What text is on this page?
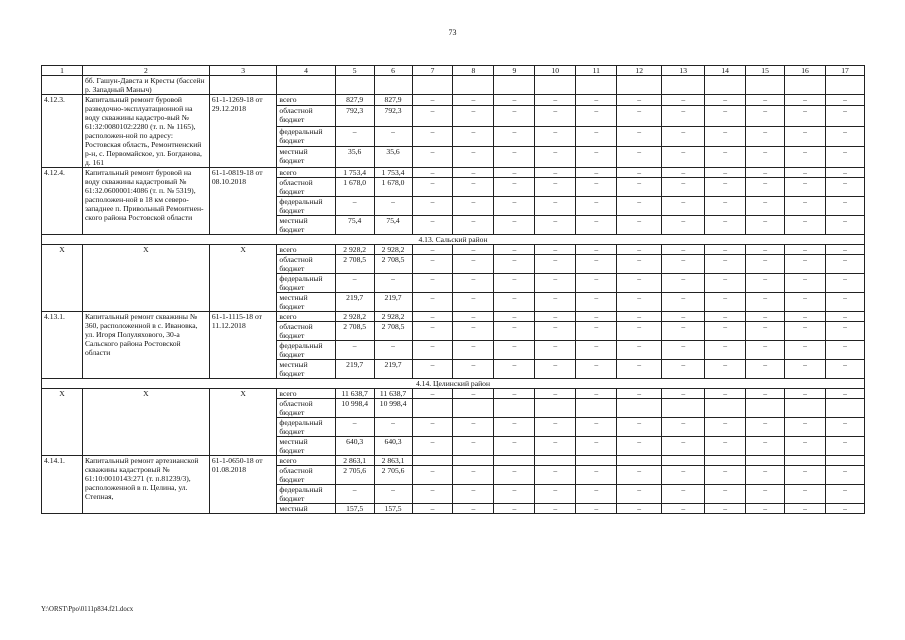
73
1	2	3	4	5	6	7	8	9	10	11	12	13	14	15	16	17
	бб. Гашун-Давста и Кресты (бассейн р. Западный Маныч)															
4.12.3.	Капитальный ремонт буровой разведочно-эксплуатационной на воду скважины кадастро-вый № 61:32:0080102:2280 (т. п. № 1165), расположен-ной по адресу: Ростовская область, Ремонтненский р-н, с. Первомайское, ул. Богданова, д. 161	61-1-1269-18 от 29.12.2018	всего	827,9	827,9	–	–	–	–	–	–	–	–	–	–	–
			областной бюджет	792,3	792,3	–	–	–	–	–	–	–	–	–	–	–
			федеральный бюджет	–	–	–	–	–	–	–	–	–	–	–	–	–
			местный бюджет	35,6	35,6	–	–	–	–	–	–	–	–	–	–	–
4.12.4.	Капитальный ремонт буровой на воду скважины кадастровый № 61:32.0600001:4086 (т. п. № 5319), расположен-ной в 18 км северо-западнее п. Привольный Ремонтнен-ского района Ростовской области	61-1-0819-18 от 08.10.2018	всего	1 753,4	1 753,4	–	–	–	–	–	–	–	–	–	–	–
			областной бюджет	1 678,0	1 678,0	–	–	–	–	–	–	–	–	–	–	–
			федеральный бюджет	–	–	–	–	–	–	–	–	–	–	–	–	–
			местный бюджет	75,4	75,4	–	–	–	–	–	–	–	–	–	–	–
4.13. Сальский район																
Х	Х	Х	всего	2 928,2	2 928,2	–	–	–	–	–	–	–	–	–	–	–
			областной бюджет	2 708,5	2 708,5	–	–	–	–	–	–	–	–	–	–	–
			федеральный бюджет	–	–	–	–	–	–	–	–	–	–	–	–	–
			местный бюджет	219,7	219,7	–	–	–	–	–	–	–	–	–	–	–
4.13.1.	Капитальный ремонт скважины № 360, расположенной в с. Ивановка, ул. Игоря Полуляхового, 30-а Сальского района Ростовской области	61-1-1115-18 от 11.12.2018	всего	2 928,2	2 928,2	–	–	–	–	–	–	–	–	–	–	–
			областной бюджет	2 708,5	2 708,5	–	–	–	–	–	–	–	–	–	–	–
			федеральный бюджет	–	–	–	–	–	–	–	–	–	–	–	–	–
			местный бюджет	219,7	219,7	–	–	–	–	–	–	–	–	–	–	–
4.14. Целинский район																
Х	Х	Х	всего	11 638,7	11 638,7	–	–	–	–	–	–	–	–	–	–	–
			областной бюджет	10 998,4	10 998,4											
			федеральный бюджет	–	–	–	–	–	–	–	–	–	–	–	–	–
			местный бюджет	640,3	640,3	–	–	–	–	–	–	–	–	–	–	–
4.14.1.	Капитальный ремонт артезианской скважины кадастровый № 61:10:0010143:271 (т. п.81239/3), расположенной в п. Целина, ул. Степная,	61-1-0650-18 от 01.08.2018	всего	2 863,1	2 863,1											
			областной бюджет	2 705,6	2 705,6	–	–	–	–	–	–	–	–	–	–	–
			федеральный бюджет	–	–	–	–	–	–	–	–	–	–	–	–	–
			местный	157,5	157,5	–	–	–	–	–	–	–	–	–	–	–
Y:\ORST\Ppo\0111p834.f21.docx
